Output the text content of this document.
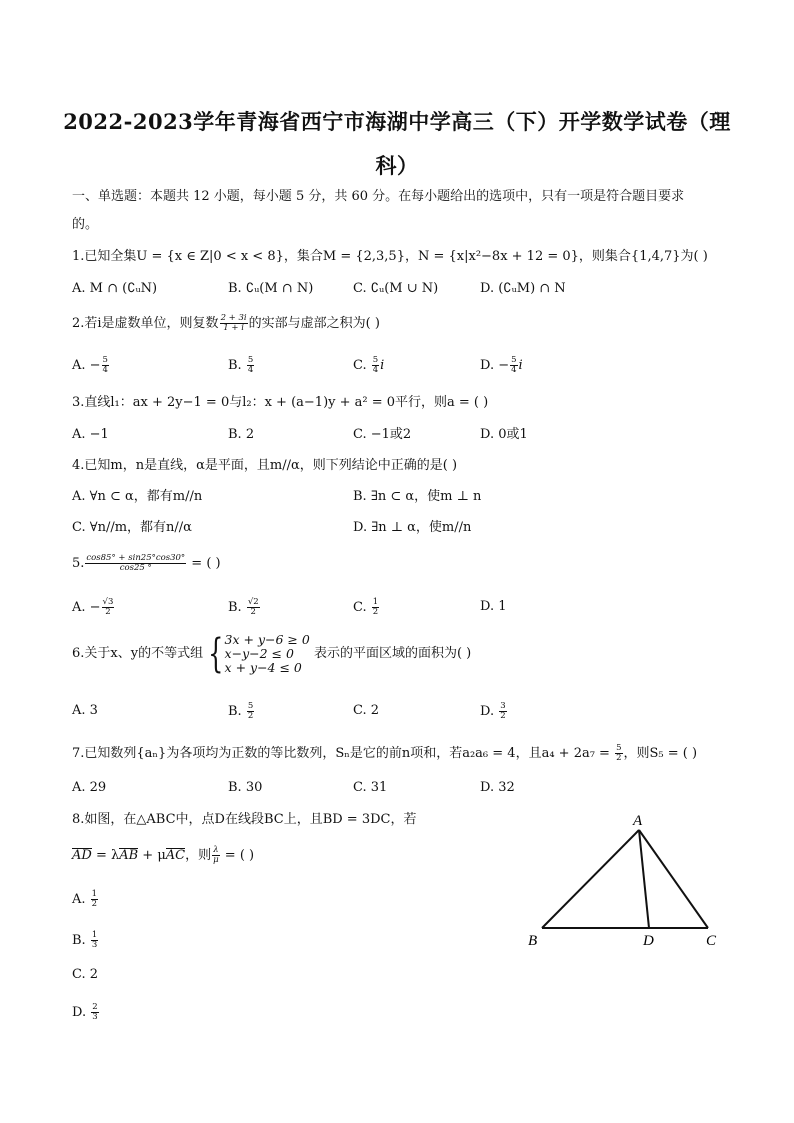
2022-2023学年青海省西宁市海湖中学高三（下）开学数学试卷（理
科）
一、单选题：本题共 12 小题，每小题 5 分，共 60 分。在每小题给出的选项中，只有一项是符合题目要求
的。
1.已知全集U = {x ∈ Z|0 < x < 8}，集合M = {2,3,5}，N = {x|x²−8x + 12 = 0}，则集合{1,4,7}为( )
A. M ∩ (∁ᵤN)	B. ∁ᵤ(M ∩ N)	C. ∁ᵤ(M ∪ N)	D. (∁ᵤM) ∩ N
2.若i是虚数单位，则复数 $\frac{2 + 3i}{1 + i}$ 的实部与虚部之积为( )
A. − $\frac{5}{4}$	B. $\frac{5}{4}$	C. $\frac{5}{4}$ i	D. − $\frac{5}{4}$ i
3.直线l₁：ax + 2y−1 = 0与l₂：x + (a−1)y + a² = 0平行，则a = ( )
A. −1	B. 2	C. −1或2	D. 0或1
4.已知m，n是直线，α是平面，且m//α，则下列结论中正确的是( )
A. ∀n ⊂ α，都有m//n	B. ∃n ⊂ α，使m ⊥ n
C. ∀n//m，都有n//α	D. ∃n ⊥ α，使m//n
5. $\frac{\cos 85^\circ + \sin 25^\circ\cos 30^\circ}{\cos 25 ^\circ}$ = ( )
A. − $\frac{√3}{2}$	B. $\frac{√2}{2}$	C. $\frac{1}{2}$	D. 1
6.关于x、y的不等式组 { 3x + y−6 ≥ 0
x−y−2 ≤ 0
x + y−4 ≤ 0
表示的平面区域的面积为( )
A. 3	B. $\frac{5}{2}$	C. 2	D. $\frac{3}{2}$
7.已知数列{aₙ}为各项均为正数的等比数列，Sₙ是它的前n项和，若a₂a₆ = 4，且$a_4 + 2a_7 = \frac{5}{2}$ ，则S₅ = ( )
A. 29	B. 30	C. 31	D. 32
8.如图，在△ABC中，点D在线段BC上，且BD = 3DC，若
AD = λAB + μAC，则 $\frac{\lambda}{\mu}$ = ( )
A. $\frac{1}{2}$
B. $\frac{1}{3}$
C. 2
D. $\frac{2}{3}$
A
B	D	C
